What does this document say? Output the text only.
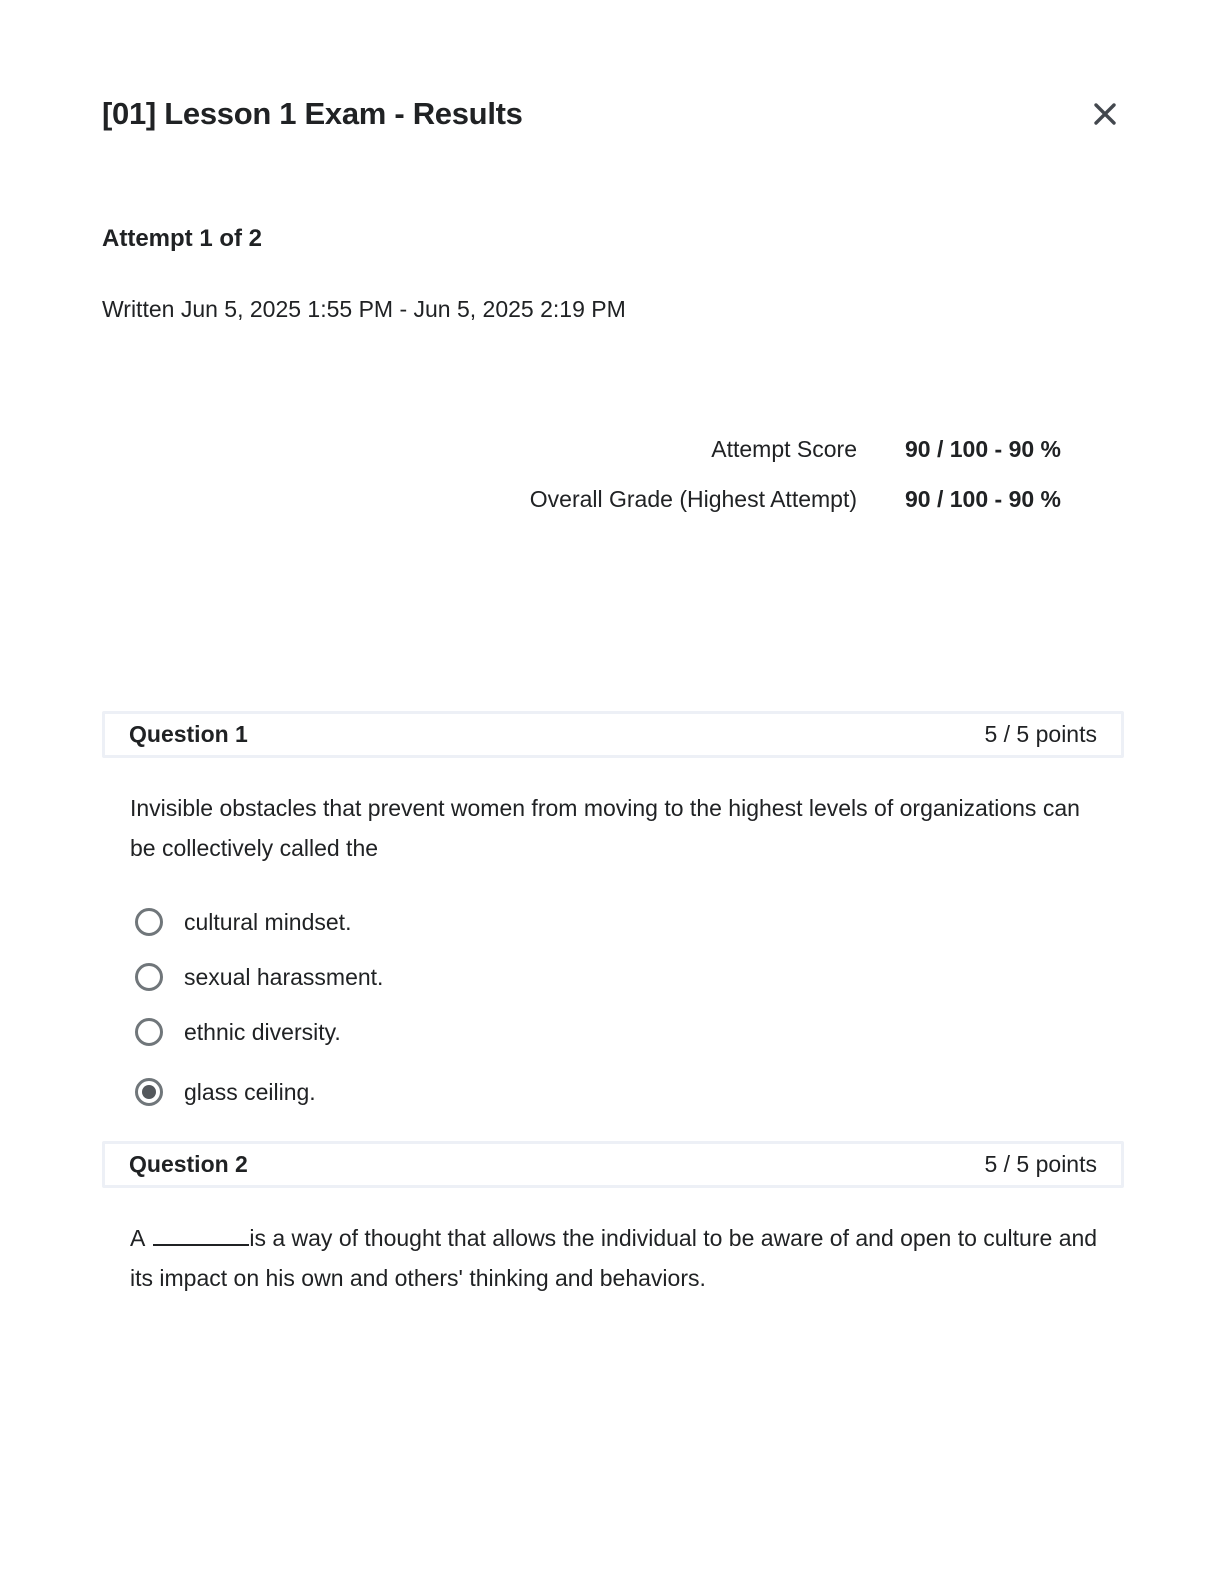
[01] Lesson 1 Exam - Results
Attempt 1 of 2
Written Jun 5, 2025 1:55 PM - Jun 5, 2025 2:19 PM
Attempt Score 90 / 100 - 90 %
Overall Grade (Highest Attempt) 90 / 100 - 90 %
Question 1	5 / 5 points

Invisible obstacles that prevent women from moving to the highest levels of organizations can be collectively called the

cultural mindset.
sexual harassment.
ethnic diversity.
glass ceiling.
Question 2	5 / 5 points

A	is a way of thought that allows the individual to be aware of and open to culture and its impact on his own and others' thinking and behaviors.
